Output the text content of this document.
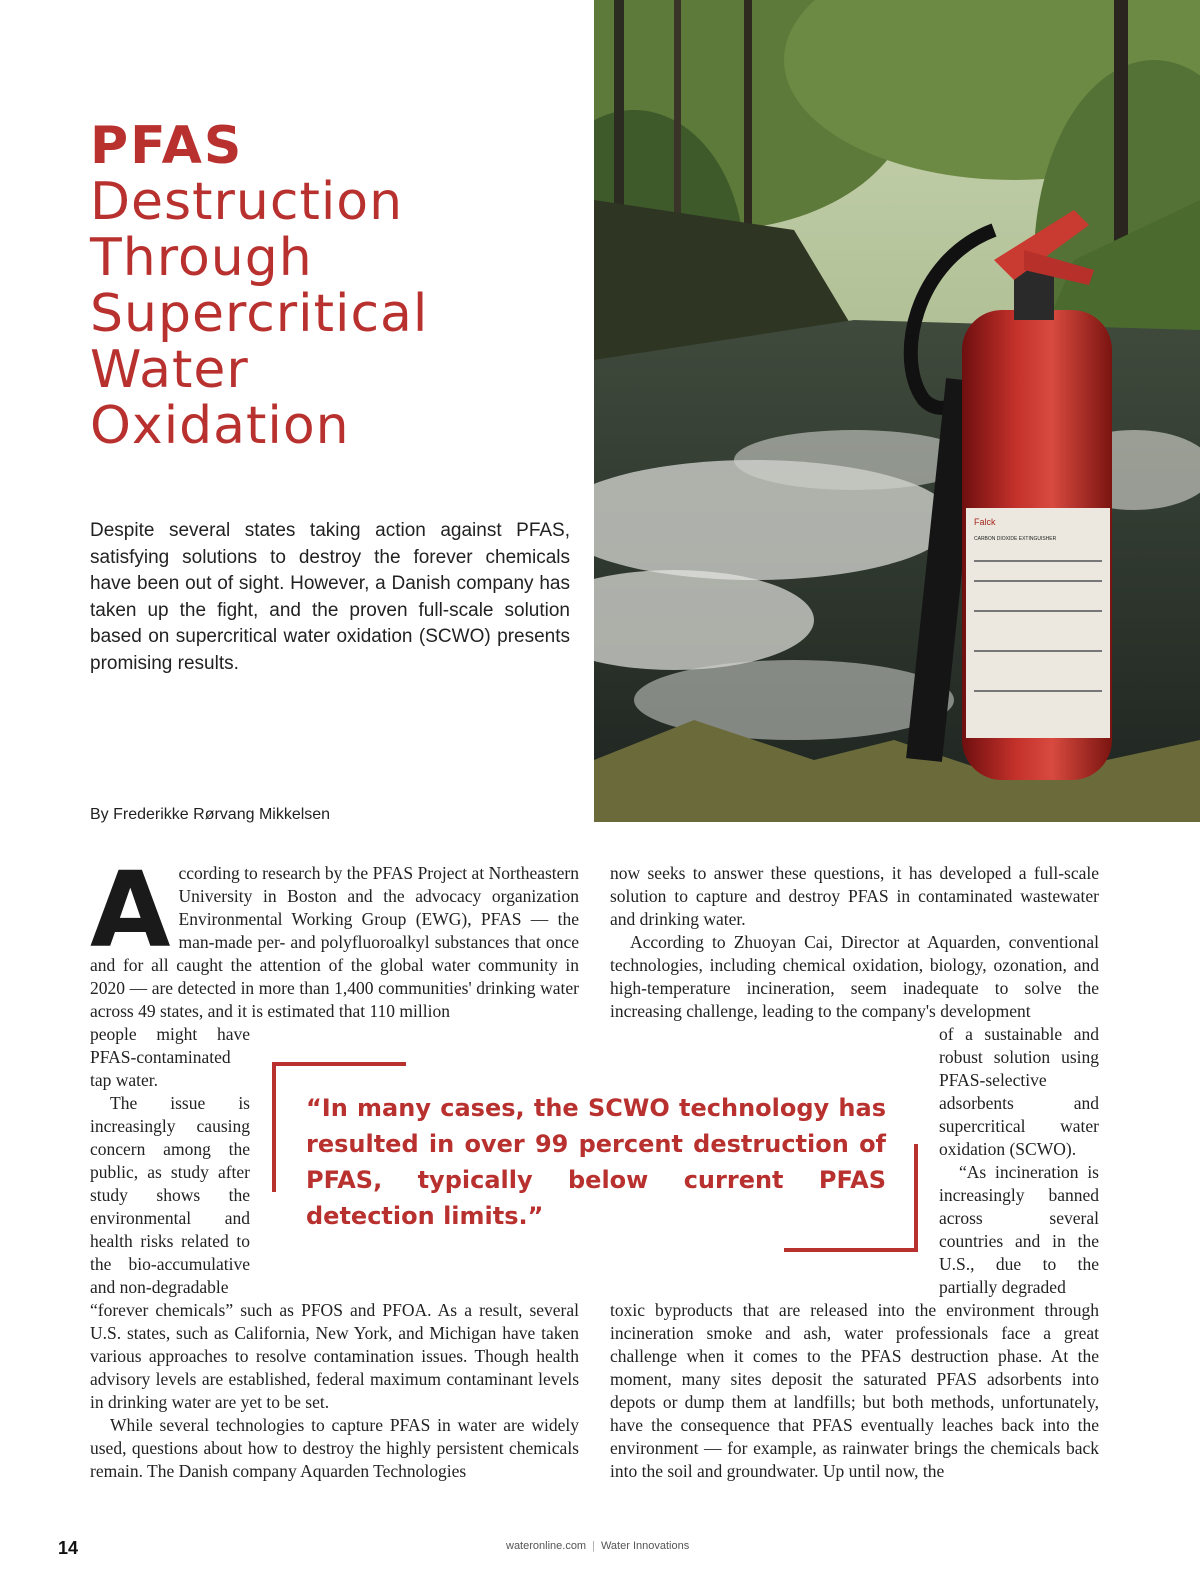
PFAS
Destruction
Through
Supercritical
Water
Oxidation
Despite several states taking action against PFAS, satisfying solutions to destroy the forever chemicals have been out of sight. However, a Danish company has taken up the fight, and the proven full-scale solution based on supercritical water oxidation (SCWO) presents promising results.
Falck
CARBON DIOXIDE EXTINGUISHER
By Frederikke Rørvang Mikkelsen
A ccording to research by the PFAS Project at Northeastern University in Boston and the advocacy organization Environmental Working Group (EWG), PFAS — the man-made per- and polyfluoroalkyl substances that once and for all caught the attention of the global water community in 2020 — are detected in more than 1,400 communities' drinking water across 49 states, and it is estimated that 110 million

people might have PFAS-contaminated tap water.

The issue is increasingly causing concern among the public, as study after study shows the environmental and health risks related to the bio-accumulative and non-degradable

“forever chemicals” such as PFOS and PFOA. As a result, several U.S. states, such as California, New York, and Michigan have taken various approaches to resolve contamination issues. Though health advisory levels are established, federal maximum contaminant levels in drinking water are yet to be set.

While several technologies to capture PFAS in water are widely used, questions about how to destroy the highly persistent chemicals remain. The Danish company Aquarden Technologies

now seeks to answer these questions, it has developed a full-scale solution to capture and destroy PFAS in contaminated wastewater and drinking water.

According to Zhuoyan Cai, Director at Aquarden, conventional technologies, including chemical oxidation, biology, ozonation, and high-temperature incineration, seem inadequate to solve the increasing challenge, leading to the company's development

of a sustainable and robust solution using PFAS-selective adsorbents and supercritical water oxidation (SCWO).

“As incineration is increasingly banned across several countries and in the U.S., due to the partially degraded

toxic byproducts that are released into the environment through incineration smoke and ash, water professionals face a great challenge when it comes to the PFAS destruction phase. At the moment, many sites deposit the saturated PFAS adsorbents into depots or dump them at landfills; but both methods, unfortunately, have the consequence that PFAS eventually leaches back into the environment — for example, as rainwater brings the chemicals back into the soil and groundwater. Up until now, the

“In many cases, the SCWO technology has resulted in over 99 percent destruction of PFAS, typically below current PFAS detection limits.”
14	wateronline.com | Water Innovations
